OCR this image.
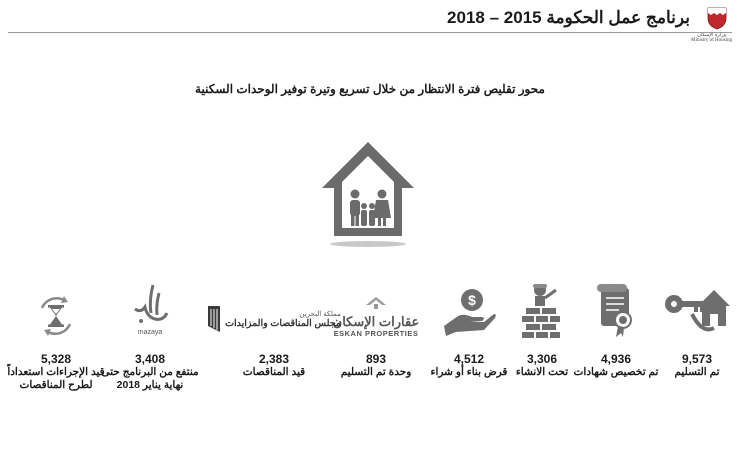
وزارة الإسكان
Ministry of Housing
برنامج عمل الحكومة 2015 – 2018
محور تقليص فترة الانتظار من خلال تسريع وتيرة توفير الوحدات السكنية
9,573
تم التسليم
4,936
تم تخصيص شهادات
3,306
تحت الانشاء
$
4,512
قرض بناء أو شراء
عقارات الإسكان
ESKAN PROPERTIES
893
وحدة تم التسليم
مملكة البحرين
مجلس المناقصات والمزايدات
2,383
قيد المناقصات
mazaya
3,408
منتفع من البرنامج حتى
نهاية يناير 2018
5,328
قيد الإجراءات استعداداً
لطرح المناقصات
